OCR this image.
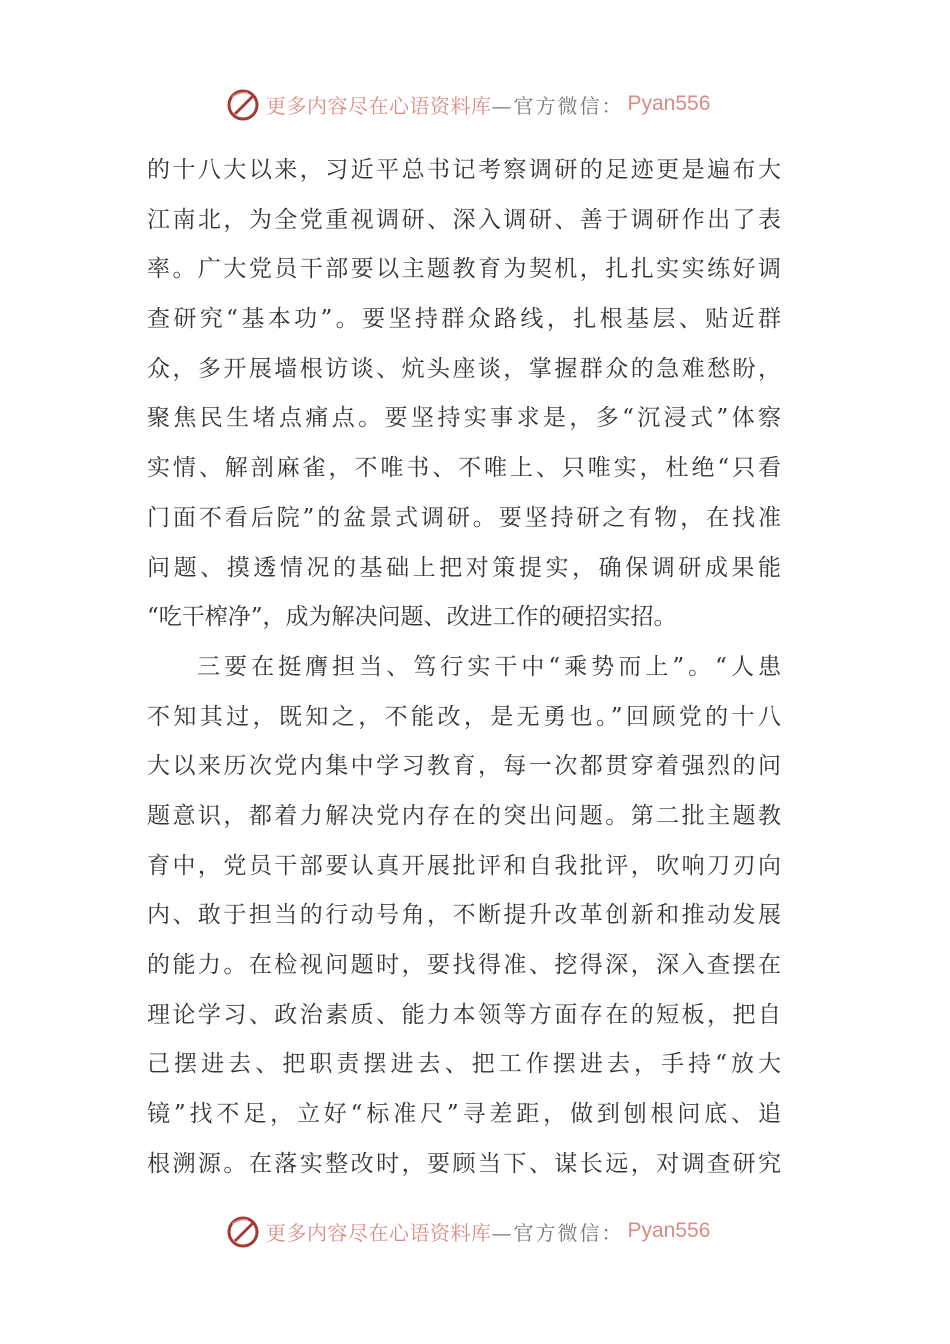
更多内容尽在心语资料库 —官方微信： Pyan556
的十八大以来，习近平总书记考察调研的足迹更是遍布大
江南北，为全党重视调研、深入调研、善于调研作出了表
率。广大党员干部要以主题教育为契机，扎扎实实练好调
查研究“基本功”。要坚持群众路线，扎根基层、贴近群
众，多开展墙根访谈、炕头座谈，掌握群众的急难愁盼，
聚焦民生堵点痛点。要坚持实事求是，多“沉浸式”体察
实情、解剖麻雀，不唯书、不唯上、只唯实，杜绝“只看
门面不看后院”的盆景式调研。要坚持研之有物，在找准
问题、摸透情况的基础上把对策提实，确保调研成果能
“吃干榨净”，成为解决问题、改进工作的硬招实招。
三要在挺膺担当、笃行实干中“乘势而上”。“人患
不知其过，既知之，不能改，是无勇也。”回顾党的十八
大以来历次党内集中学习教育，每一次都贯穿着强烈的问
题意识，都着力解决党内存在的突出问题。第二批主题教
育中，党员干部要认真开展批评和自我批评，吹响刀刃向
内、敢于担当的行动号角，不断提升改革创新和推动发展
的能力。在检视问题时，要找得准、挖得深，深入查摆在
理论学习、政治素质、能力本领等方面存在的短板，把自
己摆进去、把职责摆进去、把工作摆进去，手持“放大
镜”找不足，立好“标准尺”寻差距，做到刨根问底、追
根溯源。在落实整改时，要顾当下、谋长远，对调查研究
更多内容尽在心语资料库 —官方微信： Pyan556
